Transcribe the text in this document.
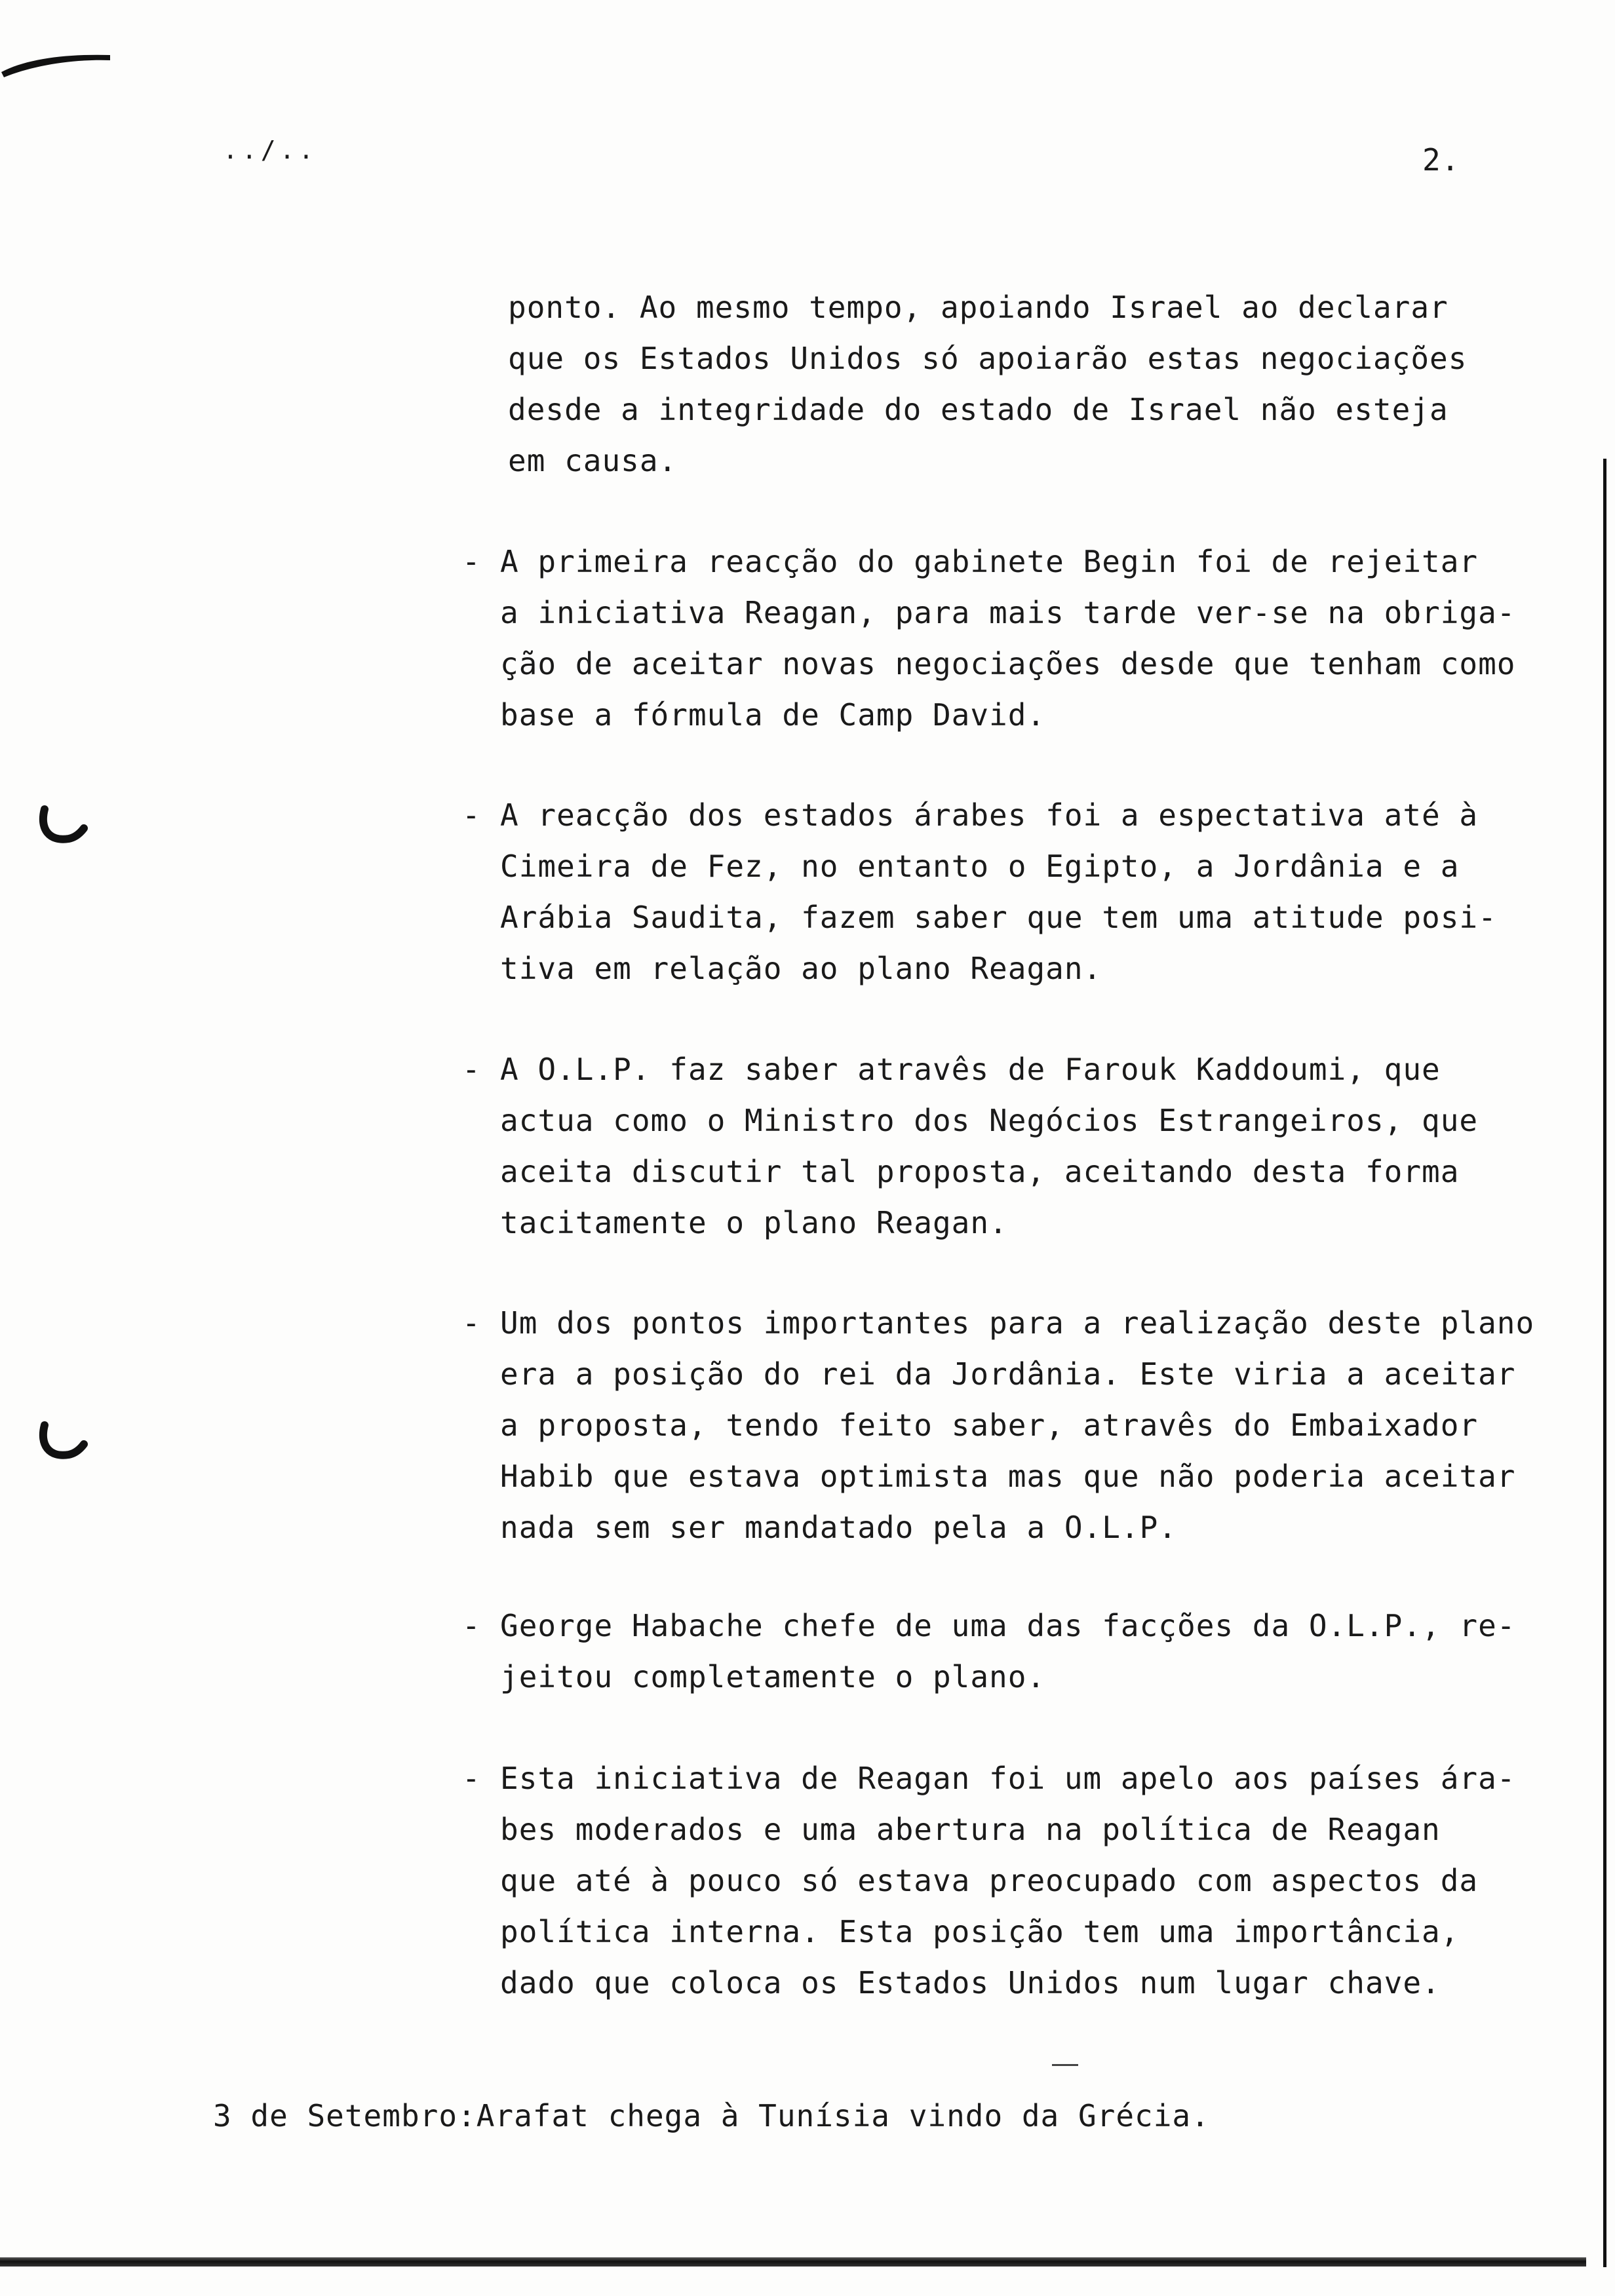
../..	2.
ponto. Ao mesmo tempo, apoiando Israel ao declarar
que os Estados Unidos só apoiarão estas negociações
desde a integridade do estado de Israel não esteja
em causa.
- A primeira reacção do gabinete Begin foi de rejeitar
a iniciativa Reagan, para mais tarde ver-se na obriga-
ção de aceitar novas negociações desde que tenham como
base a fórmula de Camp David.
- A reacção dos estados árabes foi a espectativa até à
Cimeira de Fez, no entanto o Egipto, a Jordânia e a
Arábia Saudita, fazem saber que tem uma atitude posi-
tiva em relação ao plano Reagan.
- A O.L.P. faz saber atravês de Farouk Kaddoumi, que
actua como o Ministro dos Negócios Estrangeiros, que
aceita discutir tal proposta, aceitando desta forma
tacitamente o plano Reagan.
- Um dos pontos importantes para a realização deste plano
era a posição do rei da Jordânia. Este viria a aceitar
a proposta, tendo feito saber, atravês do Embaixador
Habib que estava optimista mas que não poderia aceitar
nada sem ser mandatado pela a O.L.P.
- George Habache chefe de uma das facções da O.L.P., re-
jeitou completamente o plano.
- Esta iniciativa de Reagan foi um apelo aos países ára-
bes moderados e uma abertura na política de Reagan
que até à pouco só estava preocupado com aspectos da
política interna. Esta posição tem uma importância,
dado que coloca os Estados Unidos num lugar chave.
3 de Setembro:Arafat chega à Tunísia vindo da Grécia.
